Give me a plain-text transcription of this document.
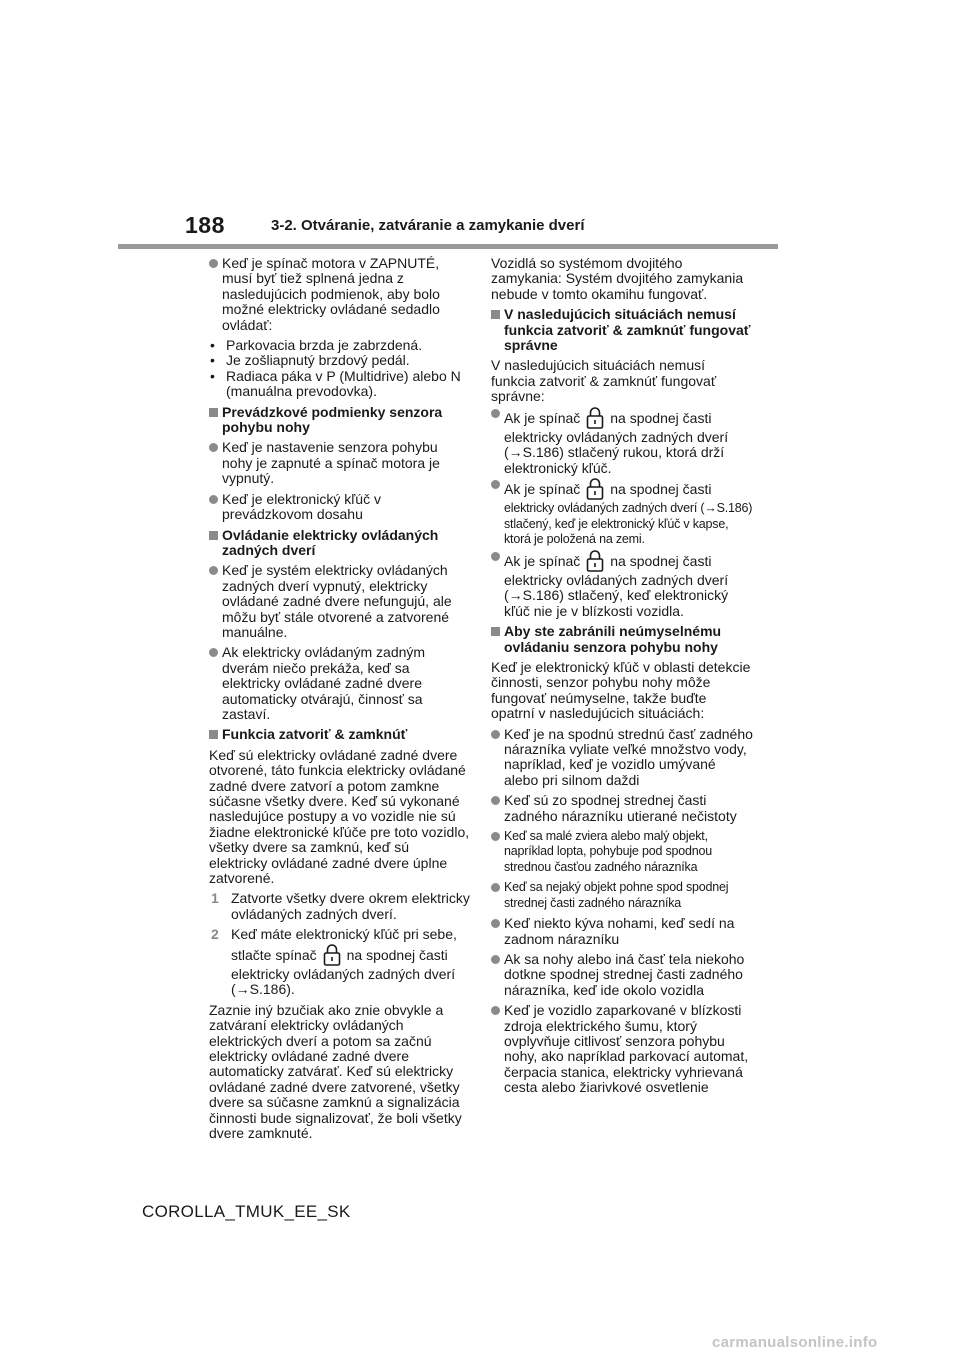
188	3-2. Otváranie, zatváranie a zamykanie dverí
Keď je spínač motora v ZAPNUTÉ, musí byť tiež splnená jedna z nasledujúcich podmienok, aby bolo možné elektricky ovládané sedadlo ovládať:
• Parkovacia brzda je zabrzdená.
• Je zošliapnutý brzdový pedál.
• Radiaca páka v P (Multidrive) alebo N (manuálna prevodovka).
Prevádzkové podmienky senzora pohybu nohy
Keď je nastavenie senzora pohybu nohy je zapnuté a spínač motora je vypnutý.
Keď je elektronický kľúč v prevádzkovom dosahu
Ovládanie elektricky ovládaných zadných dverí
Keď je systém elektricky ovládaných zadných dverí vypnutý, elektricky ovládané zadné dvere nefungujú, ale môžu byť stále otvorené a zatvorené manuálne.
Ak elektricky ovládaným zadným dverám niečo prekáža, keď sa elektricky ovládané zadné dvere automaticky otvárajú, činnosť sa zastaví.
Funkcia zatvoriť & zamknúť
Keď sú elektricky ovládané zadné dvere otvorené, táto funkcia elektricky ovládané zadné dvere zatvorí a potom zamkne súčasne všetky dvere. Keď sú vykonané nasledujúce postupy a vo vozidle nie sú žiadne elektronické kľúče pre toto vozidlo, všetky dvere sa zamknú, keď sú elektricky ovládané zadné dvere úplne zatvorené.
1 Zatvorte všetky dvere okrem elektricky ovládaných zadných dverí.
2 Keď máte elektronický kľúč pri sebe,
stlačte spínač na spodnej časti
elektricky ovládaných zadných dverí (→S.186).
Zaznie iný bzučiak ako znie obvykle a zatváraní elektricky ovládaných elektrických dverí a potom sa začnú elektricky ovládané zadné dvere automaticky zatvárať. Keď sú elektricky ovládané zadné dvere zatvorené, všetky dvere sa súčasne zamknú a signalizácia činnosti bude signalizovať, že boli všetky dvere zamknuté.
Vozidlá so systémom dvojitého zamykania: Systém dvojitého zamykania nebude v tomto okamihu fungovať.
V nasledujúcich situáciách nemusí funkcia zatvoriť & zamknúť fungovať správne
V nasledujúcich situáciách nemusí funkcia zatvoriť & zamknúť fungovať správne:
Ak je spínač na spodnej časti
elektricky ovládaných zadných dverí (→S.186) stlačený rukou, ktorá drží elektronický kľúč.
Ak je spínač na spodnej časti
elektricky ovládaných zadných dverí (→S.186) stlačený, keď je elektronický kľúč v kapse, ktorá je položená na zemi.
Ak je spínač na spodnej časti
elektricky ovládaných zadných dverí (→S.186) stlačený, keď elektronický kľúč nie je v blízkosti vozidla.
Aby ste zabránili neúmyselnému ovládaniu senzora pohybu nohy
Keď je elektronický kľúč v oblasti detekcie činnosti, senzor pohybu nohy môže fungovať neúmyselne, takže buďte opatrní v nasledujúcich situáciách:
Keď je na spodnú strednú časť zadného nárazníka vyliate veľké množstvo vody, napríklad, keď je vozidlo umývané alebo pri silnom daždi
Keď sú zo spodnej strednej časti zadného nárazníku utierané nečistoty
Keď sa malé zviera alebo malý objekt, napríklad lopta, pohybuje pod spodnou strednou časťou zadného nárazníka
Keď sa nejaký objekt pohne spod spodnej strednej časti zadného nárazníka
Keď niekto kýva nohami, keď sedí na zadnom nárazníku
Ak sa nohy alebo iná časť tela niekoho dotkne spodnej strednej časti zadného nárazníka, keď ide okolo vozidla
Keď je vozidlo zaparkované v blízkosti zdroja elektrického šumu, ktorý ovplyvňuje citlivosť senzora pohybu nohy, ako napríklad parkovací automat, čerpacia stanica, elektricky vyhrievaná cesta alebo žiarivkové osvetlenie
COROLLA_TMUK_EE_SK
carmanualsonline.info
